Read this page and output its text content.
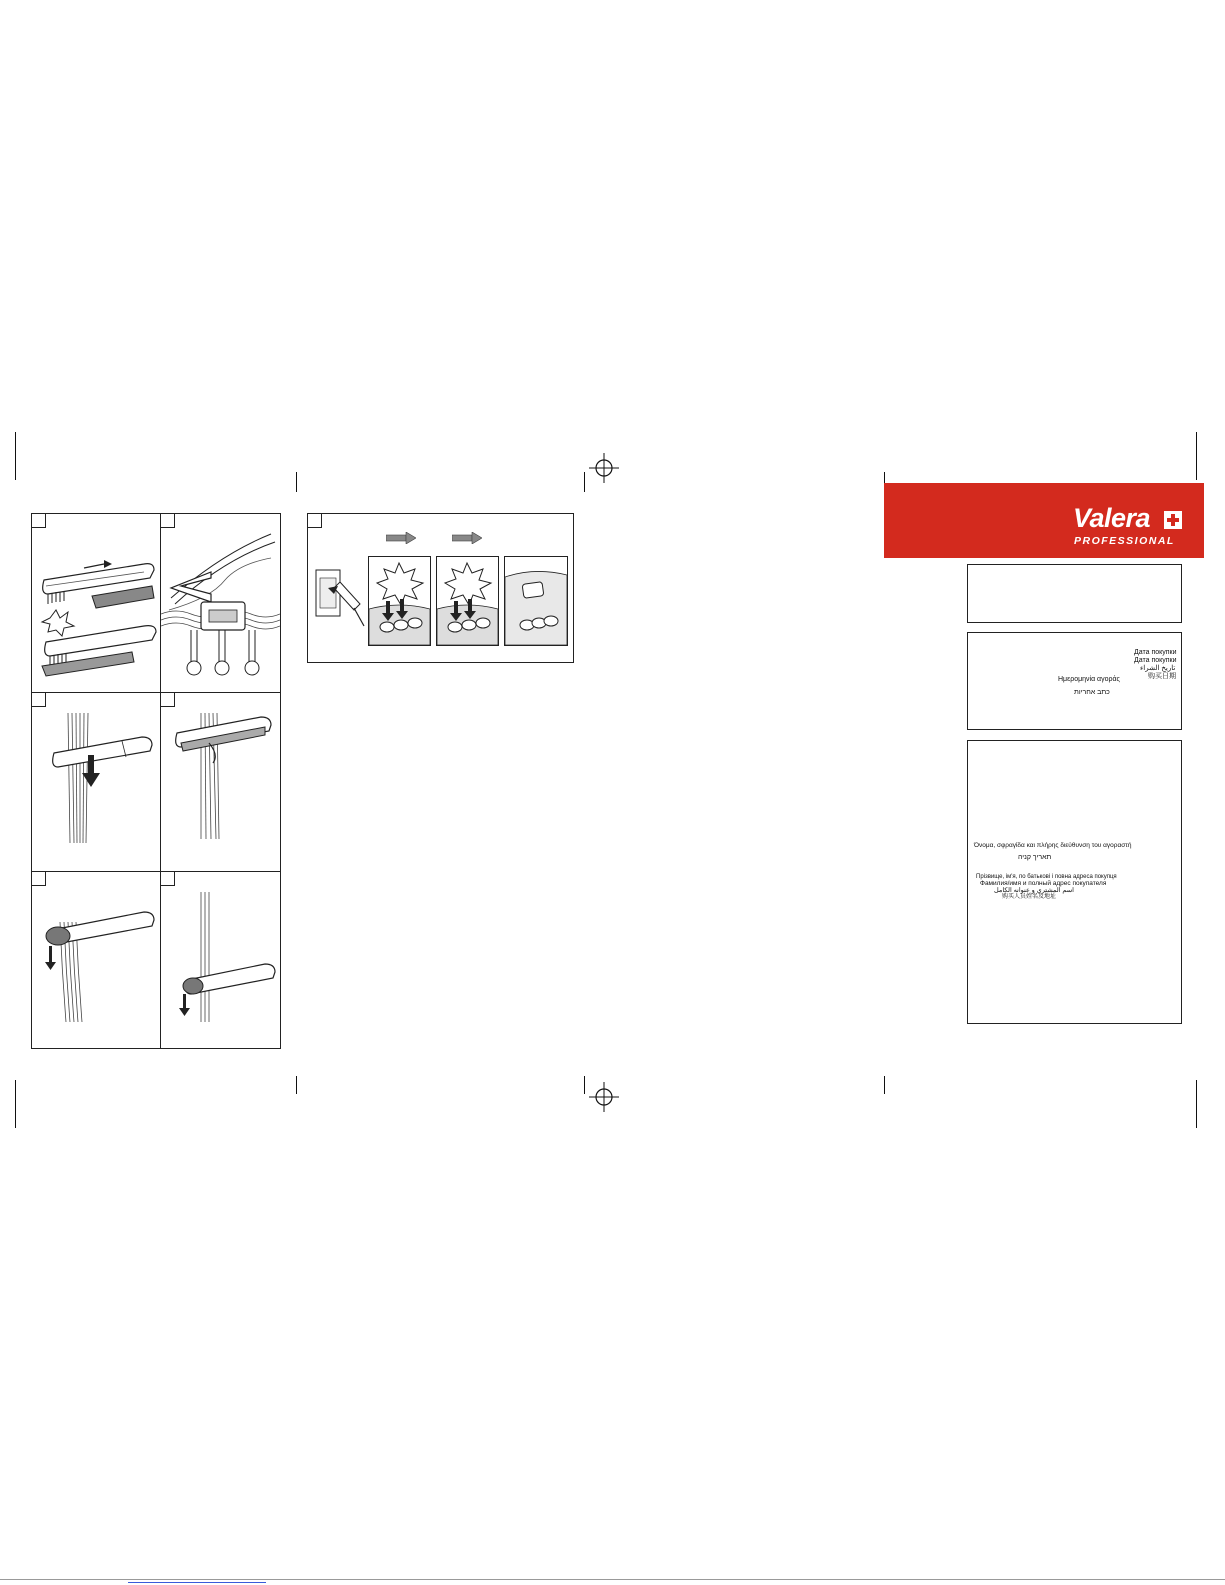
Valera
PROFESSIONAL
Дата покупки
Дата покупки
تاريخ الشراء
购买日期
Ημερομηνία αγοράς
כתב אחריות
Όνομα, σφραγίδα και πλήρης διεύθυνση του αγοραστή
תאריך קניה
Прізвище, ім'я, по батькові і повна адреса покупця
Фамилия/имя и полный адрес покупателя
اسم المشتري و عنوانه الكامل
购买人员姓名及地址
